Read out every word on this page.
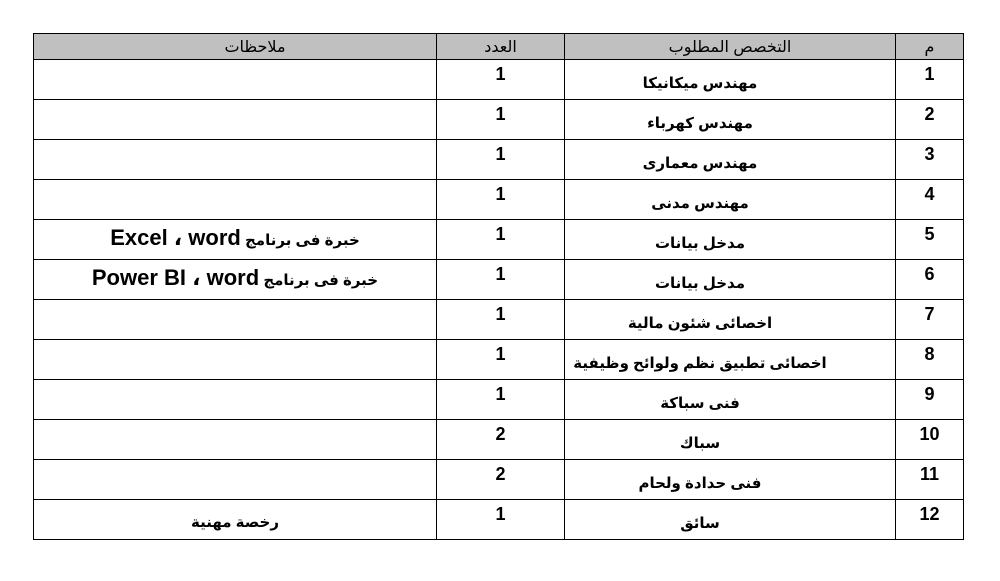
م	التخصص المطلوب	العدد	ملاحظات
1	مهندس ميكانيكا	1	
2	مهندس كهرباء	1	
3	مهندس معمارى	1	
4	مهندس مدنى	1	
5	مدخل بيانات	1	خبرة فى برنامج Excel ، word
6	مدخل بيانات	1	خبرة فى برنامج Power BI ، word
7	اخصائى شئون مالية	1	
8	اخصائى تطبيق نظم ولوائح وظيفية	1	
9	فنى سباكة	1	
10	سباك	2	
11	فنى حدادة ولحام	2	
12	سائق	1	رخصة مهنية
